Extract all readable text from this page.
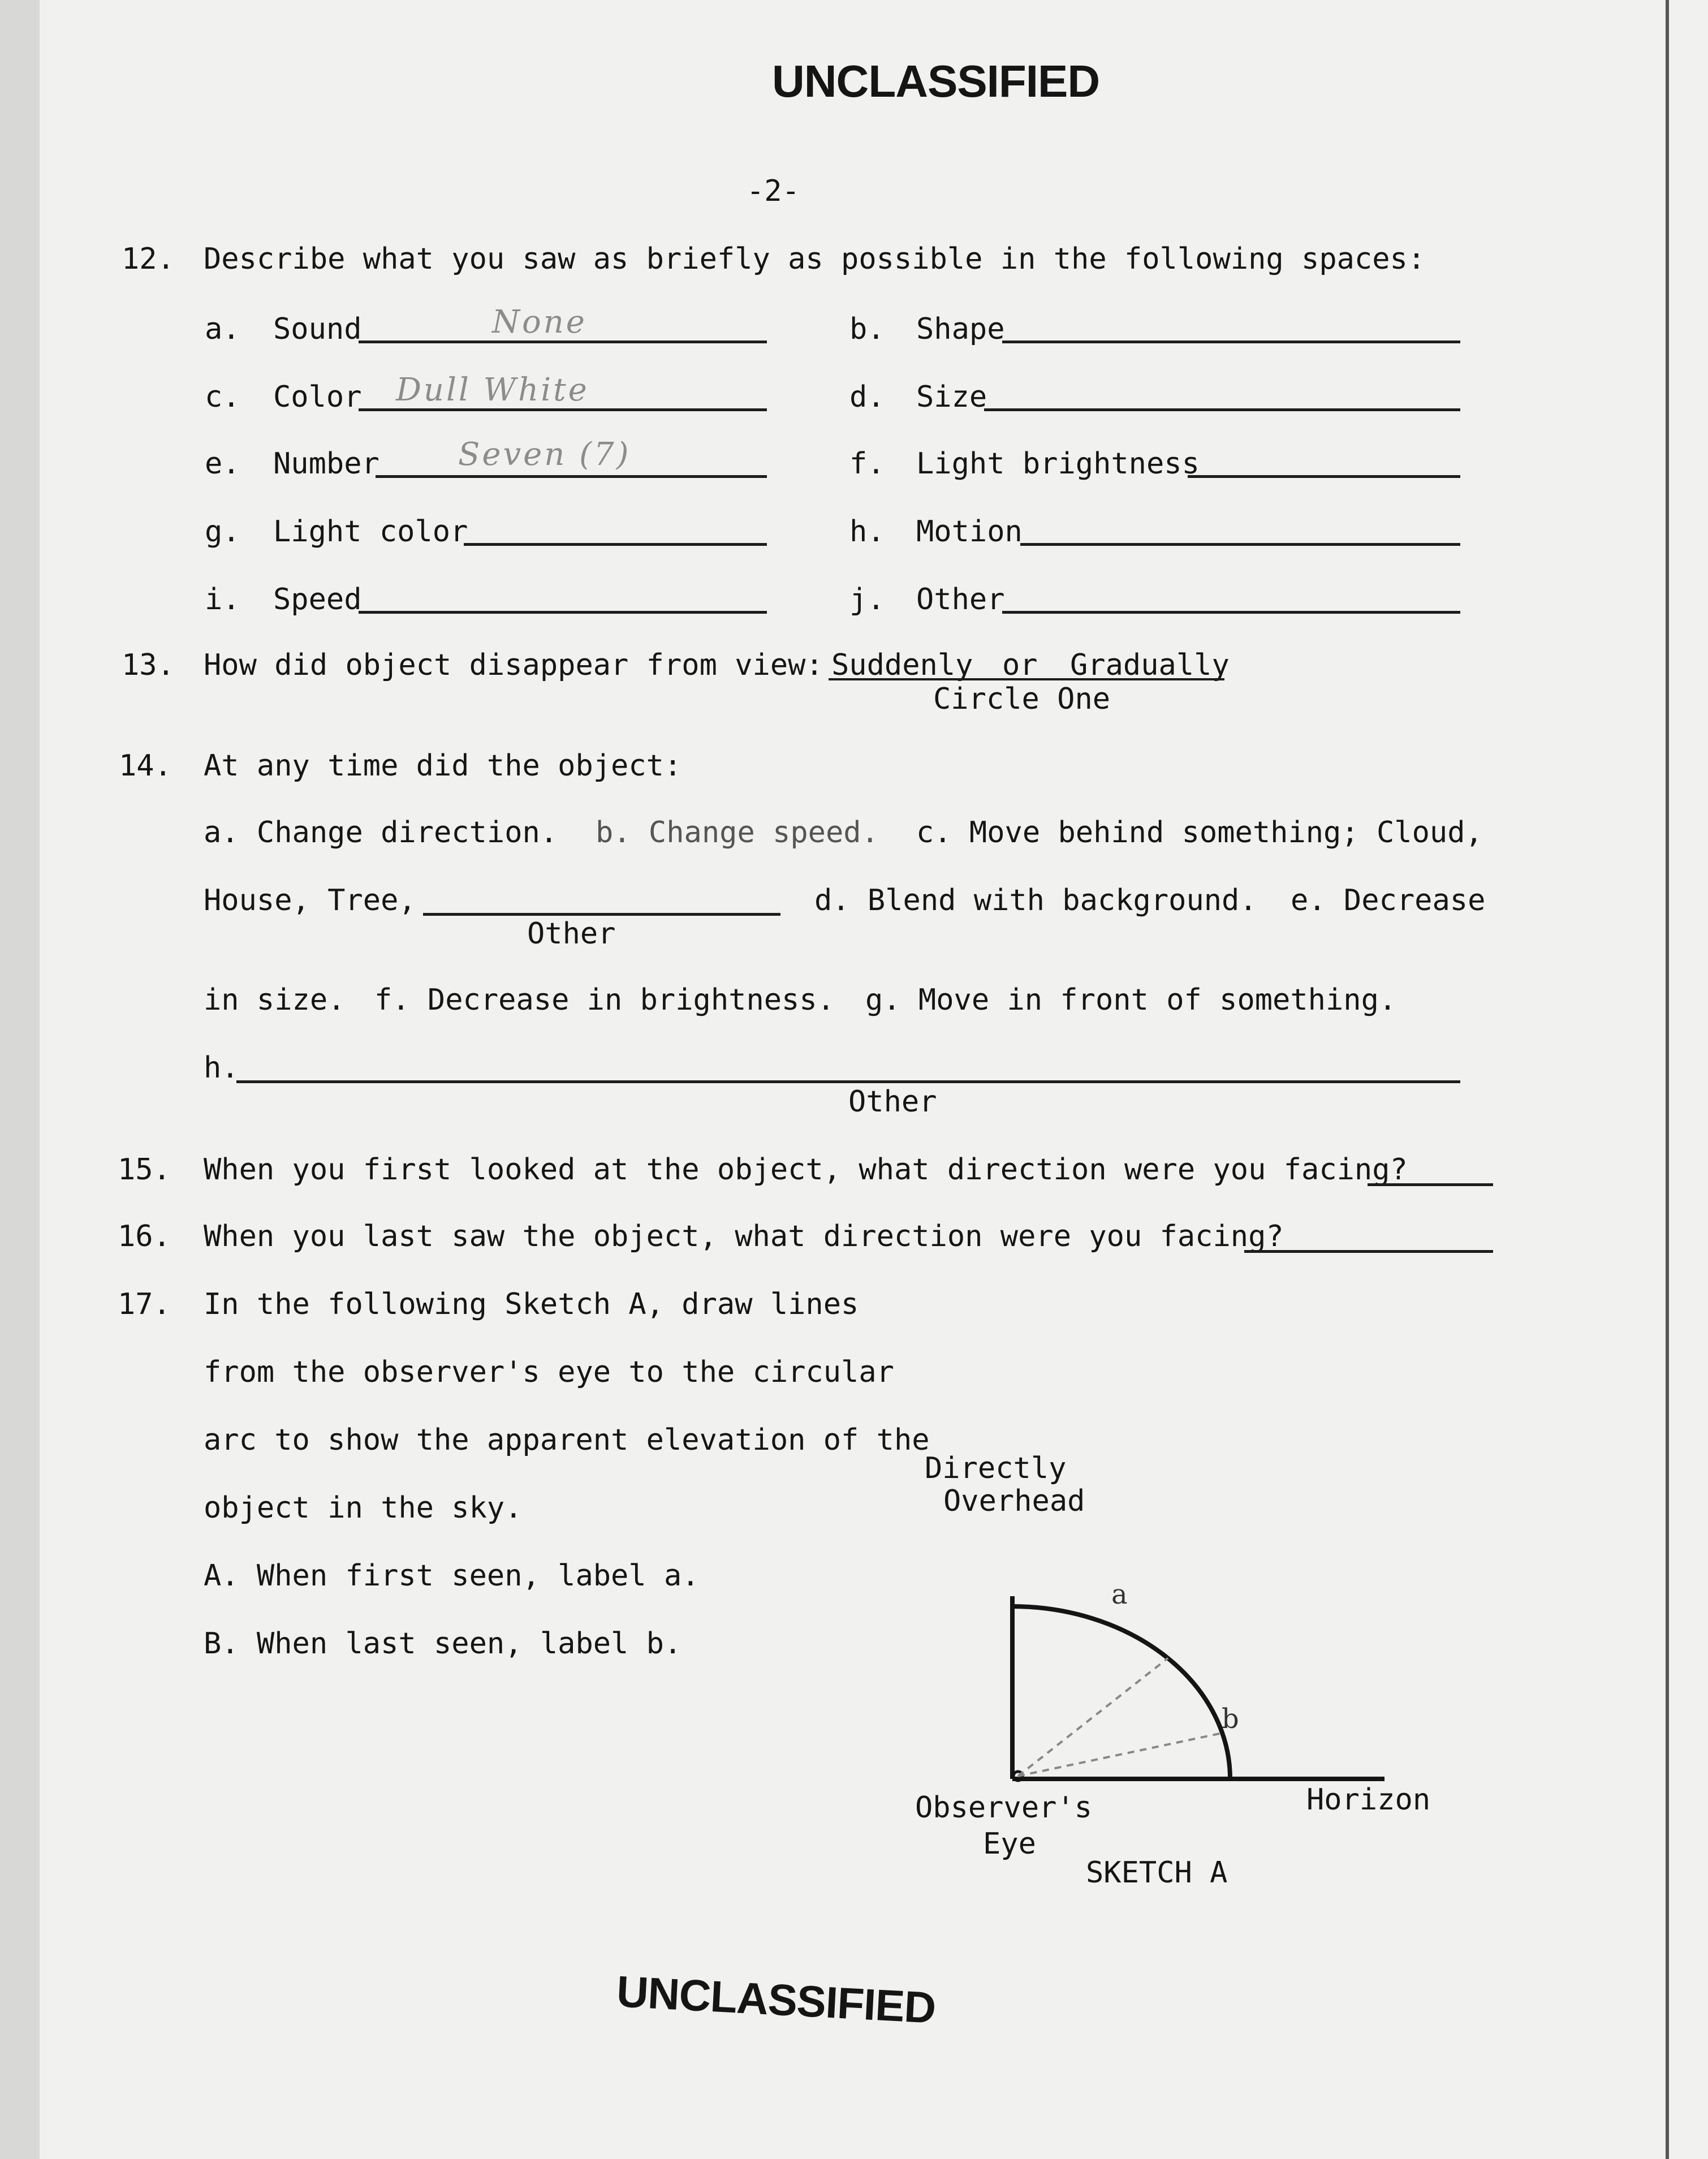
UNCLASSIFIED
-2-
12. Describe what you saw as briefly as possible in the following spaces:
a. Sound	None	b. Shape
c. Color Dull White	d. Size
e. Number Seven (7)	f. Light brightness
g. Light color	h. Motion
i. Speed	j. Other
13. How did object disappear from view: Suddenly or Gradually
Circle One
14. At any time did the object:
a. Change direction. b. Change speed. c. Move behind something; Cloud,
House, Tree,
Other
d. Blend with background. e. Decrease
in size. f. Decrease in brightness. g. Move in front of something.
h.
Other
15. When you first looked at the object, what direction were you facing?
16. When you last saw the object, what direction were you facing?
17. In the following Sketch A, draw lines
from the observer's eye to the circular
arc to show the apparent elevation of the
object in the sky.
A. When first seen, label a.
B. When last seen, label b.
Directly
Overhead
a
b
Observer's
Eye
Horizon
SKETCH A
UNCLASSIFIED
